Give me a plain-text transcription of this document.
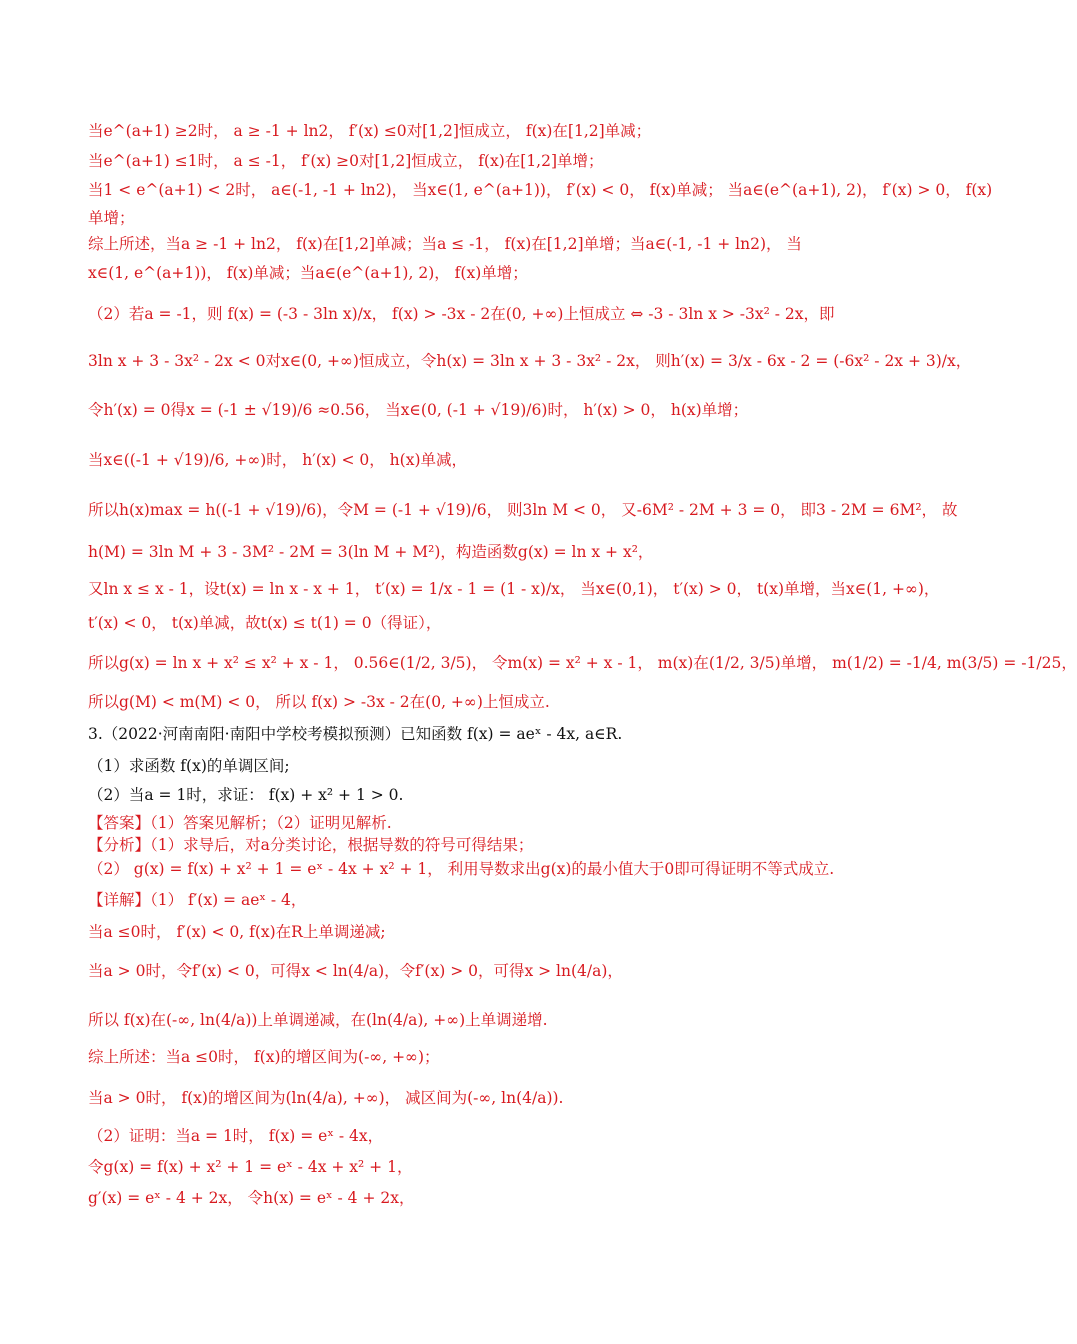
当e^(a+1) ≥2时， a ≥ -1 + ln2， f′(x) ≤0对[1,2]恒成立， f(x)在[1,2]单减；
当e^(a+1) ≤1时， a ≤ -1， f′(x) ≥0对[1,2]恒成立， f(x)在[1,2]单增；
当1 < e^(a+1) < 2时， a∈(-1, -1 + ln2)， 当x∈(1, e^(a+1))， f′(x) < 0， f(x)单减； 当a∈(e^(a+1), 2)， f′(x) > 0， f(x)
单增；
综上所述，当a ≥ -1 + ln2， f(x)在[1,2]单减；当a ≤ -1， f(x)在[1,2]单增；当a∈(-1, -1 + ln2)， 当
x∈(1, e^(a+1))， f(x)单减；当a∈(e^(a+1), 2)， f(x)单增；
（2）若a = -1，则 f(x) = (-3 - 3ln x)/x， f(x) > -3x - 2在(0, +∞)上恒成立 ⇔ -3 - 3ln x > -3x² - 2x，即
3ln x + 3 - 3x² - 2x < 0对x∈(0, +∞)恒成立，令h(x) = 3ln x + 3 - 3x² - 2x， 则h′(x) = 3/x - 6x - 2 = (-6x² - 2x + 3)/x，
令h′(x) = 0得x = (-1 ± √19)/6 ≈0.56， 当x∈(0, (-1 + √19)/6)时， h′(x) > 0， h(x)单增；
当x∈((-1 + √19)/6, +∞)时， h′(x) < 0， h(x)单减，
所以h(x)max = h((-1 + √19)/6)，令M = (-1 + √19)/6， 则3ln M < 0， 又-6M² - 2M + 3 = 0， 即3 - 2M = 6M²， 故
h(M) = 3ln M + 3 - 3M² - 2M = 3(ln M + M²)，构造函数g(x) = ln x + x²，
又ln x ≤ x - 1，设t(x) = ln x - x + 1， t′(x) = 1/x - 1 = (1 - x)/x， 当x∈(0,1)， t′(x) > 0， t(x)单增，当x∈(1, +∞)，
t′(x) < 0， t(x)单减，故t(x) ≤ t(1) = 0（得证），
所以g(x) = ln x + x² ≤ x² + x - 1， 0.56∈(1/2, 3/5)， 令m(x) = x² + x - 1， m(x)在(1/2, 3/5)单增， m(1/2) = -1/4, m(3/5) = -1/25，
所以g(M) < m(M) < 0， 所以 f(x) > -3x - 2在(0, +∞)上恒成立.
3.（2022·河南南阳·南阳中学校考模拟预测）已知函数 f(x) = aeˣ - 4x, a∈R.
（1）求函数 f(x)的单调区间;
（2）当a = 1时，求证： f(x) + x² + 1 > 0.
【答案】（1）答案见解析；（2）证明见解析.
【分析】（1）求导后，对a分类讨论，根据导数的符号可得结果；
（2） g(x) = f(x) + x² + 1 = eˣ - 4x + x² + 1， 利用导数求出g(x)的最小值大于0即可得证明不等式成立.
【详解】（1） f′(x) = aeˣ - 4，
当a ≤0时， f′(x) < 0, f(x)在R上单调递减;
当a > 0时，令f′(x) < 0，可得x < ln(4/a)，令f′(x) > 0，可得x > ln(4/a)，
所以 f(x)在(-∞, ln(4/a))上单调递减，在(ln(4/a), +∞)上单调递增.
综上所述：当a ≤0时， f(x)的增区间为(-∞, +∞)；
当a > 0时， f(x)的增区间为(ln(4/a), +∞)， 减区间为(-∞, ln(4/a)).
（2）证明：当a = 1时， f(x) = eˣ - 4x，
令g(x) = f(x) + x² + 1 = eˣ - 4x + x² + 1，
g′(x) = eˣ - 4 + 2x， 令h(x) = eˣ - 4 + 2x，
